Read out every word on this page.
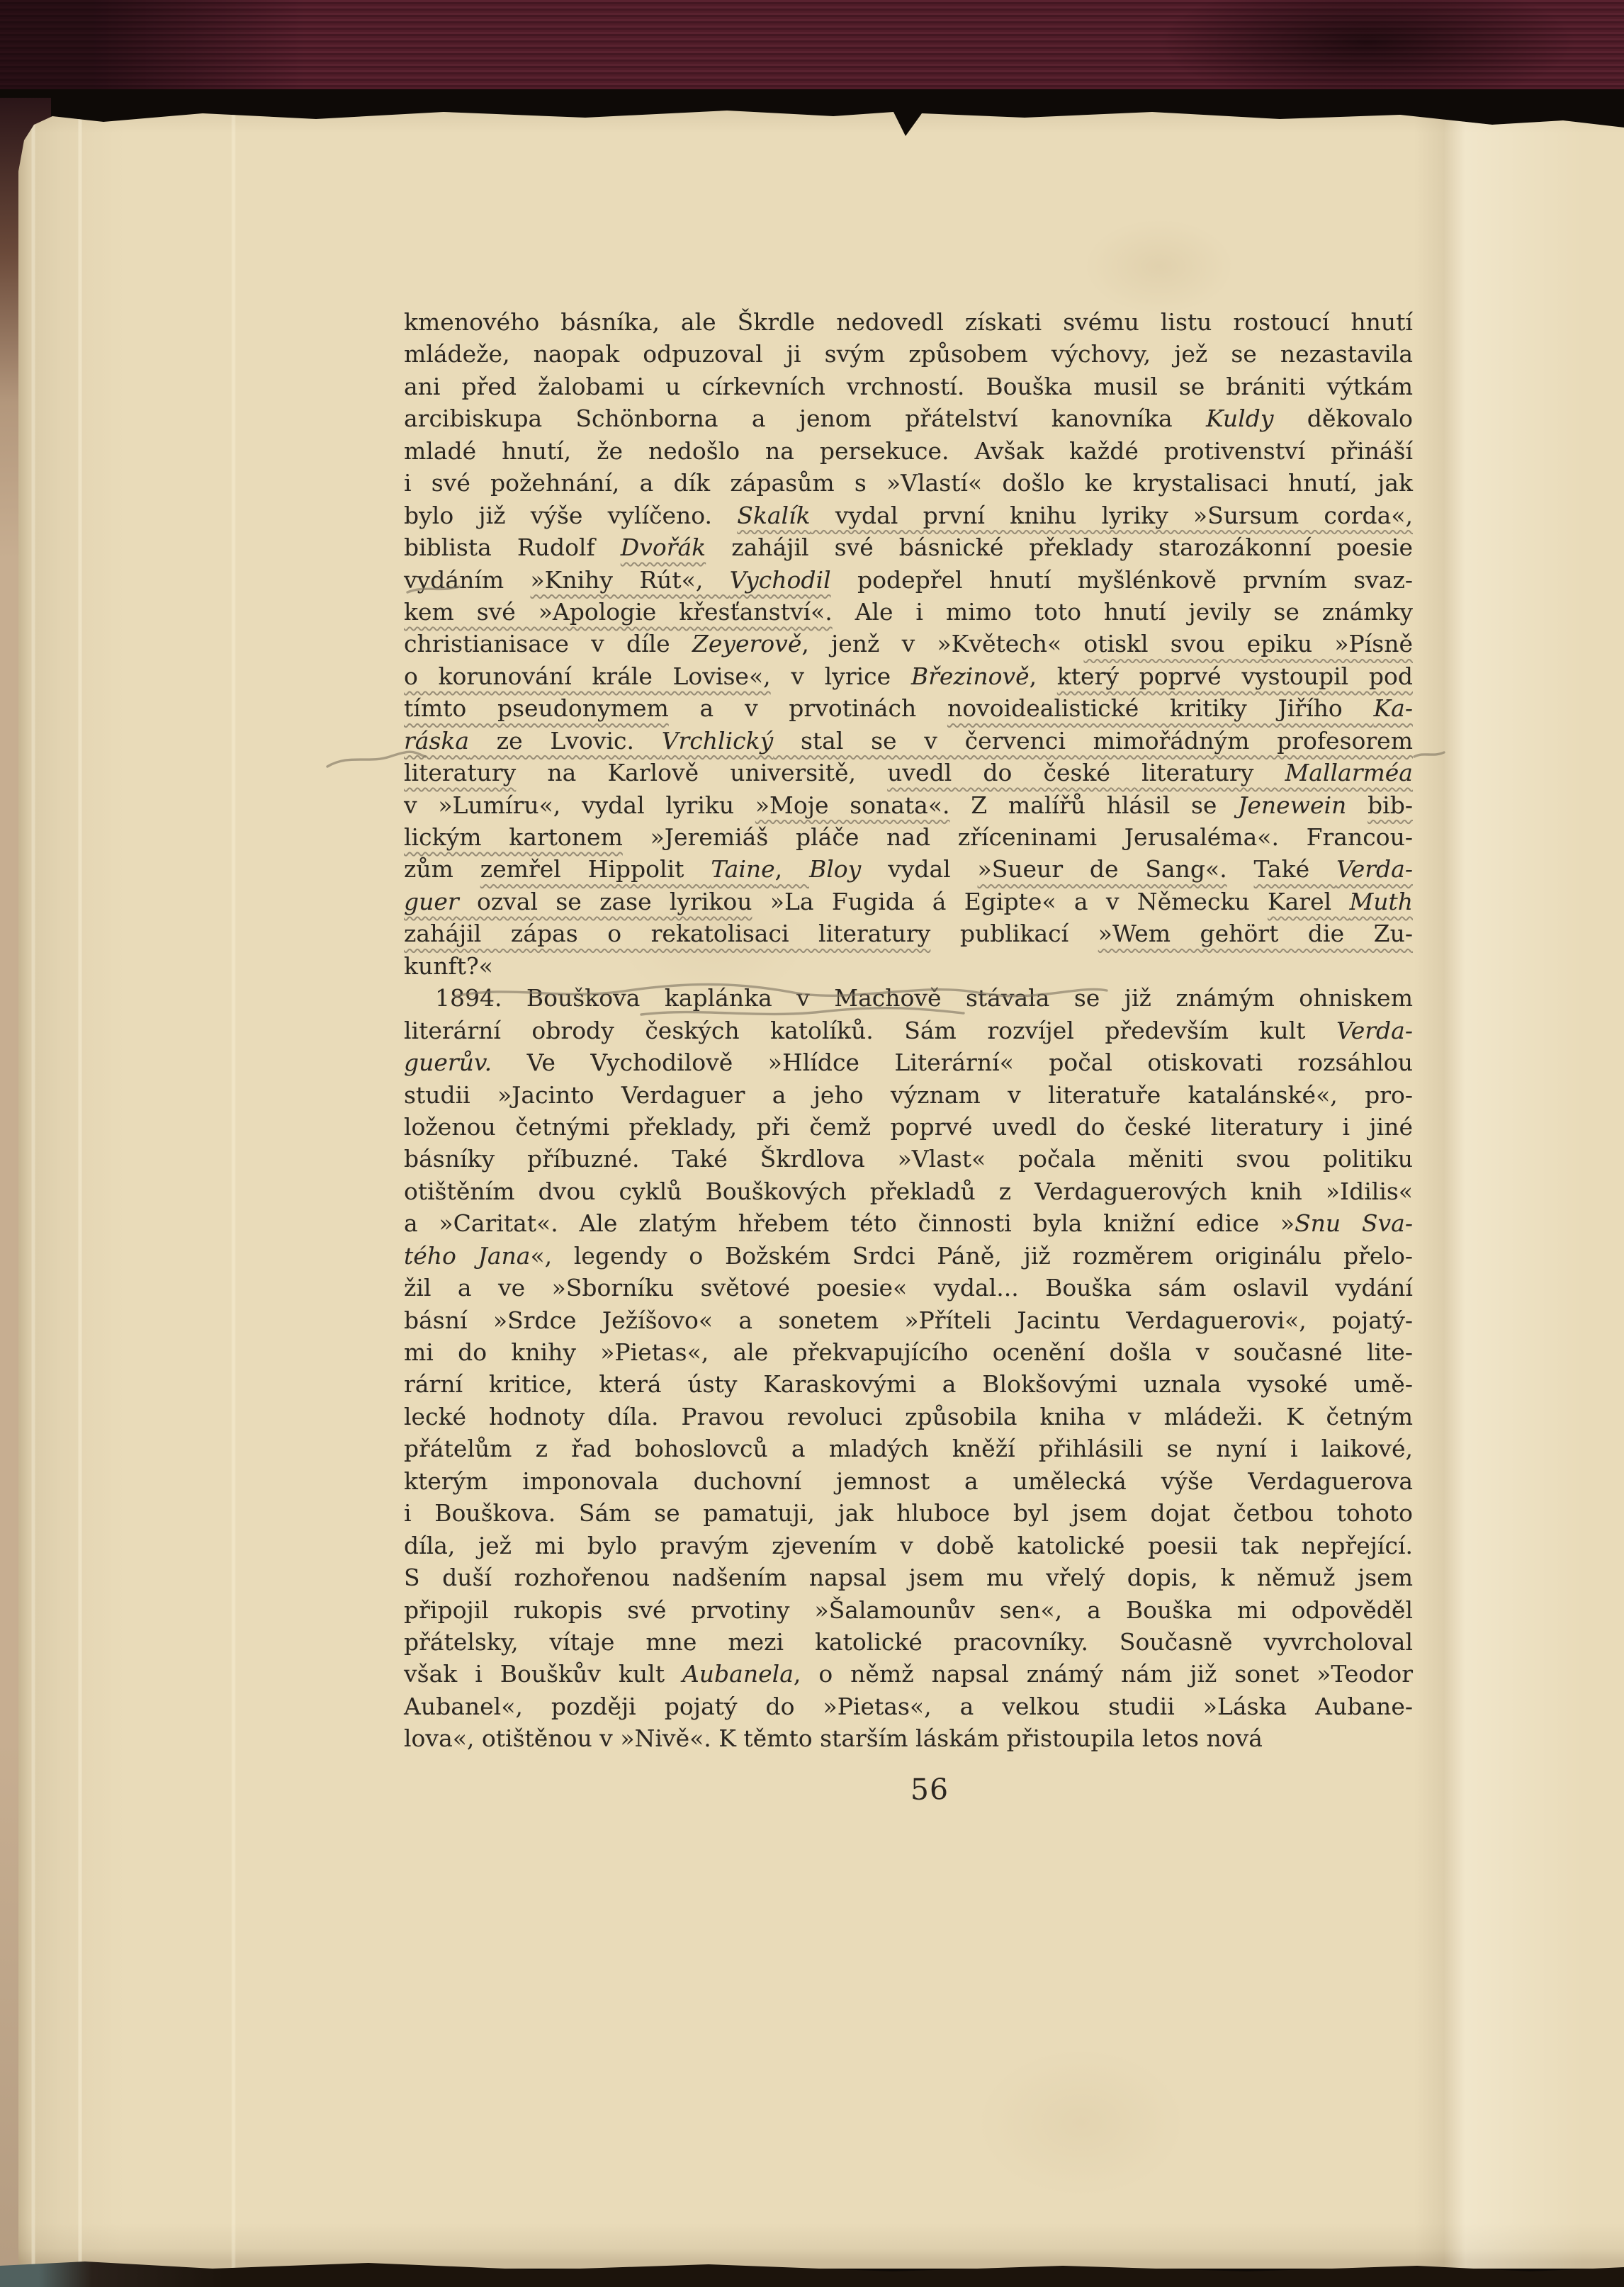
kmenového básníka, ale Škrdle nedovedl získati svému listu rostoucí hnutí
mládeže, naopak odpuzoval ji svým způsobem výchovy, jež se nezastavila
ani před žalobami u církevních vrchností. Bouška musil se brániti výtkám
arcibiskupa Schönborna a jenom přátelství kanovníka Kuldy děkovalo
mladé hnutí, že nedošlo na persekuce. Avšak každé protivenství přináší
i své požehnání, a dík zápasům s »Vlastí« došlo ke krystalisaci hnutí, jak
bylo již výše vylíčeno. Skalík vydal první knihu lyriky »Sursum corda«,
biblista Rudolf Dvořák zahájil své básnické překlady starozákonní poesie
vydáním »Knihy Rút«, Vychodil podepřel hnutí myšlénkově prvním svaz-
kem své »Apologie křesťanství«. Ale i mimo toto hnutí jevily se známky
christianisace v díle Zeyerově, jenž v »Květech« otiskl svou epiku »Písně
o korunování krále Lovise«, v lyrice Březinově, který poprvé vystoupil pod
tímto pseudonymem a v prvotinách novoidealistické kritiky Jiřího Ka-
ráska ze Lvovic. Vrchlický stal se v červenci mimořádným profesorem
literatury na Karlově universitě, uvedl do české literatury Mallarméa
v »Lumíru«, vydal lyriku »Moje sonata«. Z malířů hlásil se Jenewein bib-
lickým kartonem »Jeremiáš pláče nad zříceninami Jerusaléma«. Francou-
zům zemřel Hippolit Taine, Bloy vydal »Sueur de Sang«. Také Verda-
guer ozval se zase lyrikou »La Fugida á Egipte« a v Německu Karel Muth
zahájil zápas o rekatolisaci literatury publikací »Wem gehört die Zu-
kunft?«
1894. Bouškova kaplánka v Machově stávala se již známým ohniskem
literární obrody českých katolíků. Sám rozvíjel především kult Verda-
guerův. Ve Vychodilově »Hlídce Literární« počal otiskovati rozsáhlou
studii »Jacinto Verdaguer a jeho význam v literatuře katalánské«, pro-
loženou četnými překlady, při čemž poprvé uvedl do české literatury i jiné
básníky příbuzné. Také Škrdlova »Vlast« počala měniti svou politiku
otištěním dvou cyklů Bouškových překladů z Verdaguerových knih »Idilis«
a »Caritat«. Ale zlatým hřebem této činnosti byla knižní edice »Snu Sva-
tého Jana«, legendy o Božském Srdci Páně, již rozměrem originálu přelo-
žil a ve »Sborníku světové poesie« vydal... Bouška sám oslavil vydání
básní »Srdce Ježíšovo« a sonetem »Příteli Jacintu Verdaguerovi«, pojatý-
mi do knihy »Pietas«, ale překvapujícího ocenění došla v současné lite-
rární kritice, která ústy Karaskovými a Blokšovými uznala vysoké umě-
lecké hodnoty díla. Pravou revoluci způsobila kniha v mládeži. K četným
přátelům z řad bohoslovců a mladých kněží přihlásili se nyní i laikové,
kterým imponovala duchovní jemnost a umělecká výše Verdaguerova
i Bouškova. Sám se pamatuji, jak hluboce byl jsem dojat četbou tohoto
díla, jež mi bylo pravým zjevením v době katolické poesii tak nepřející.
S duší rozhořenou nadšením napsal jsem mu vřelý dopis, k němuž jsem
připojil rukopis své prvotiny »Šalamounův sen«, a Bouška mi odpověděl
přátelsky, vítaje mne mezi katolické pracovníky. Současně vyvrcholoval
však i Bouškův kult Aubanela, o němž napsal známý nám již sonet »Teodor
Aubanel«, později pojatý do »Pietas«, a velkou studii »Láska Aubane-
lova«, otištěnou v »Nivě«. K těmto starším láskám přistoupila letos nová
56
